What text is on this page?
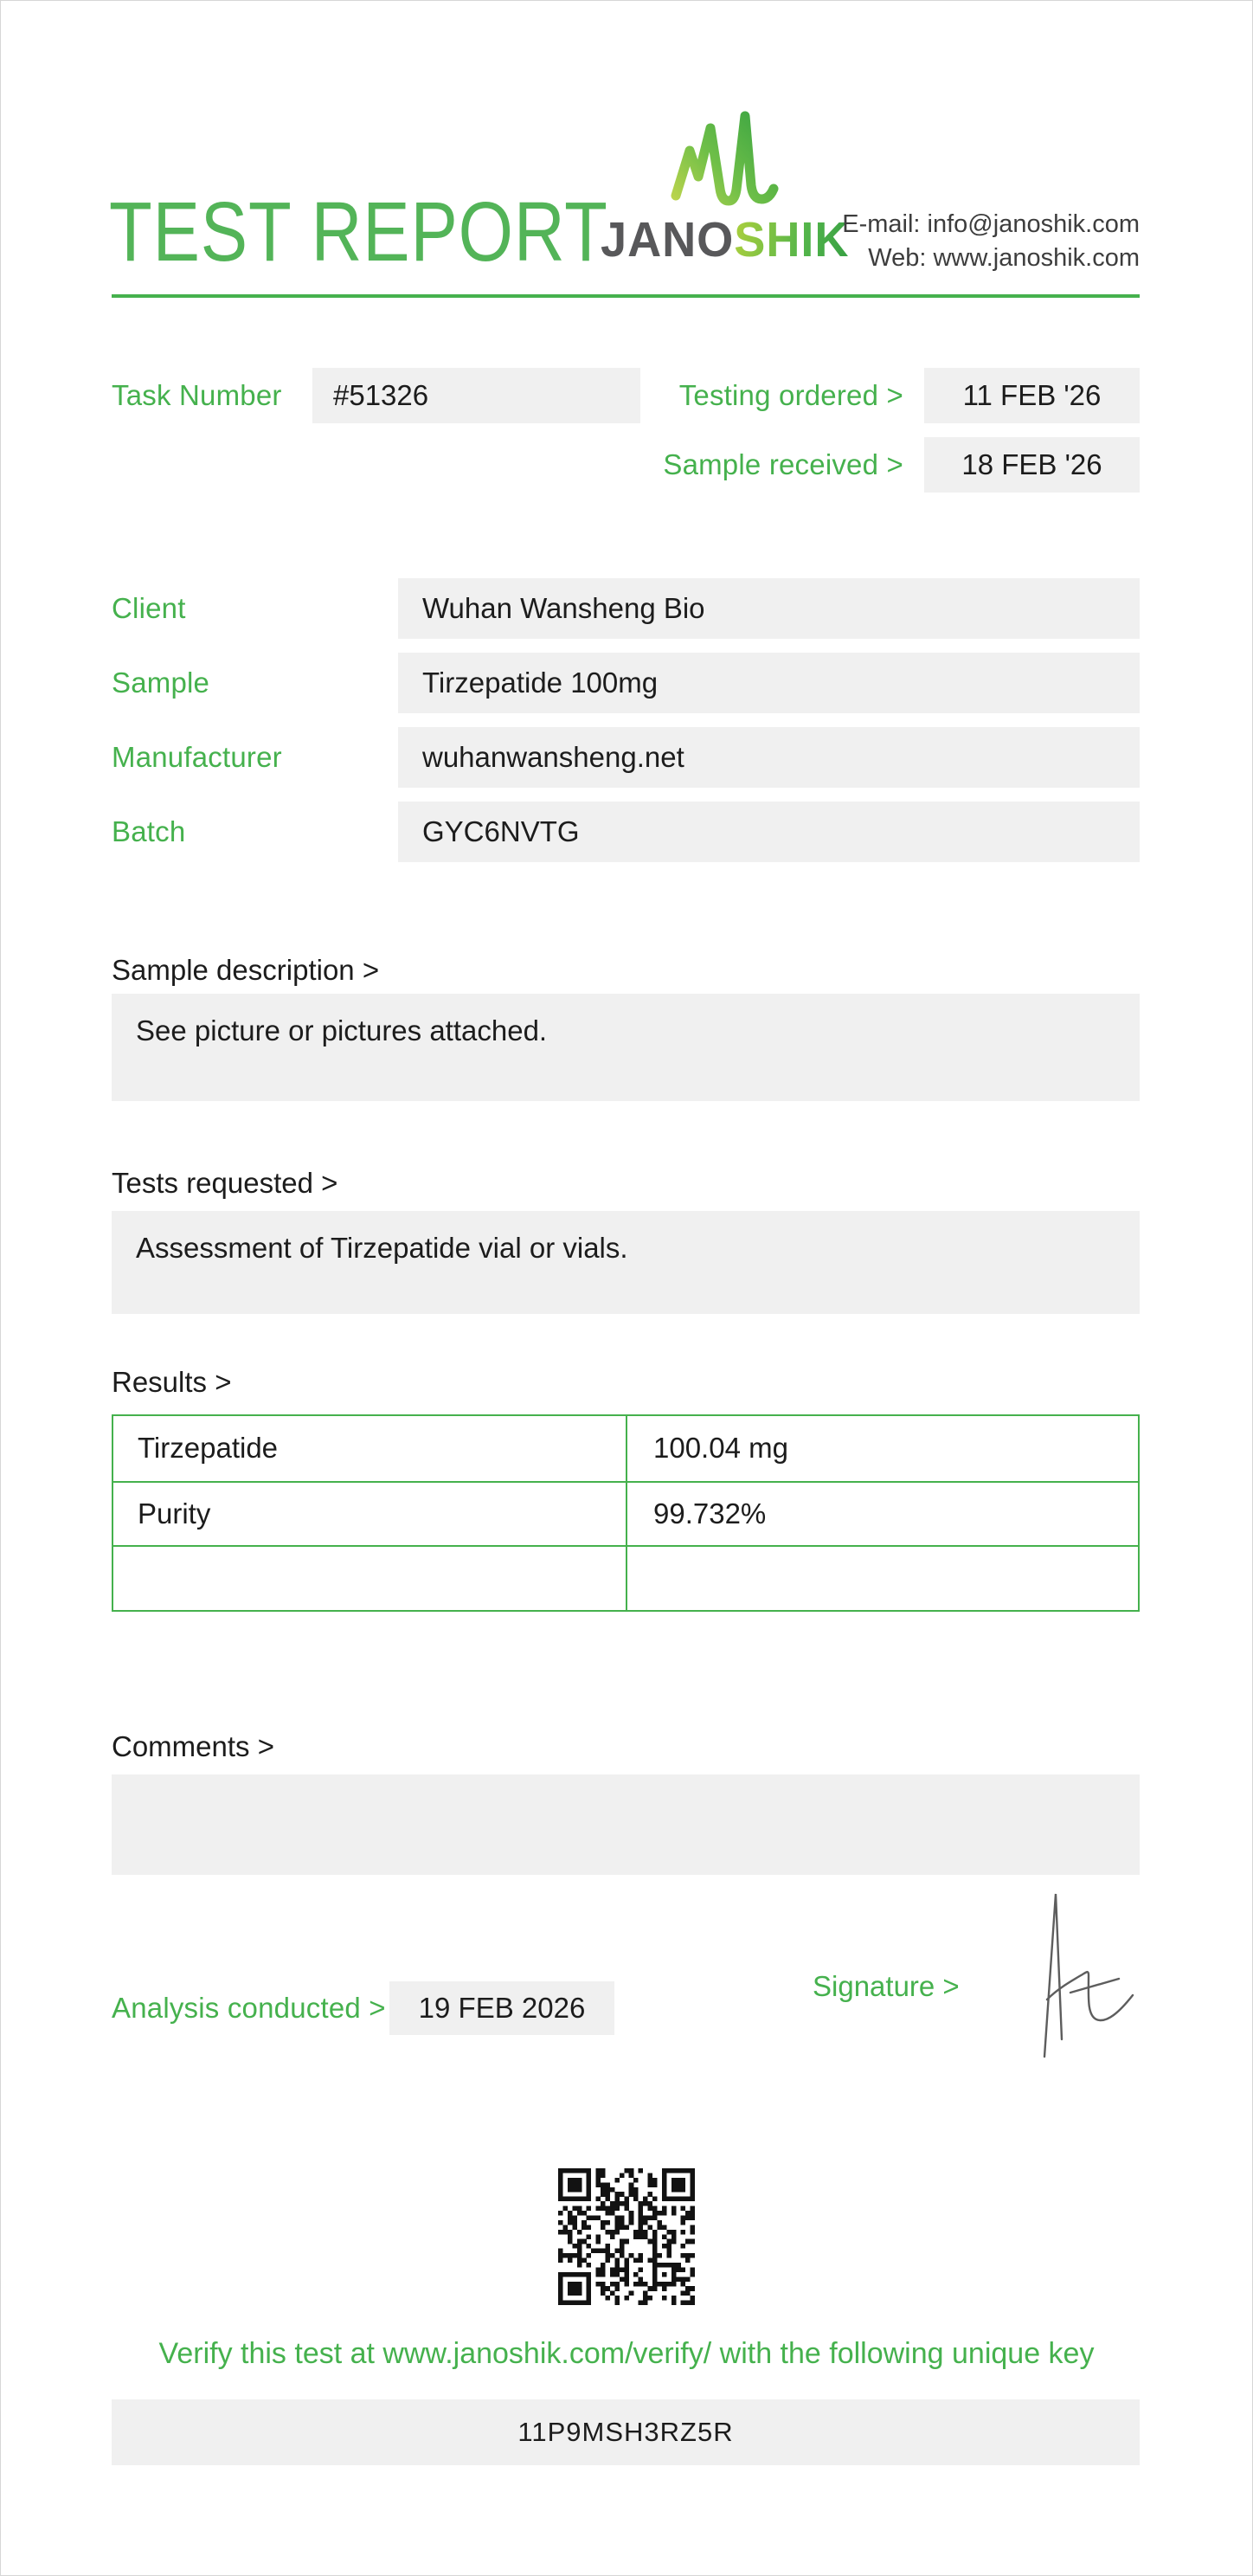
TEST REPORT
JANOSHIK
E-mail: info@janoshik.com
Web: www.janoshik.com
Task Number #51326	Testing ordered > 11 FEB '26
Sample received > 18 FEB '26
Client	Wuhan Wansheng Bio
Sample	Tirzepatide 100mg
Manufacturer	wuhanwansheng.net
Batch	GYC6NVTG
Sample description >
See picture or pictures attached.
Tests requested >
Assessment of Tirzepatide vial or vials.
Results >
Tirzepatide	100.04 mg
Purity	99.732%
Comments >
Analysis conducted > 19 FEB 2026
Signature >
Verify this test at www.janoshik.com/verify/ with the following unique key
11P9MSH3RZ5R
